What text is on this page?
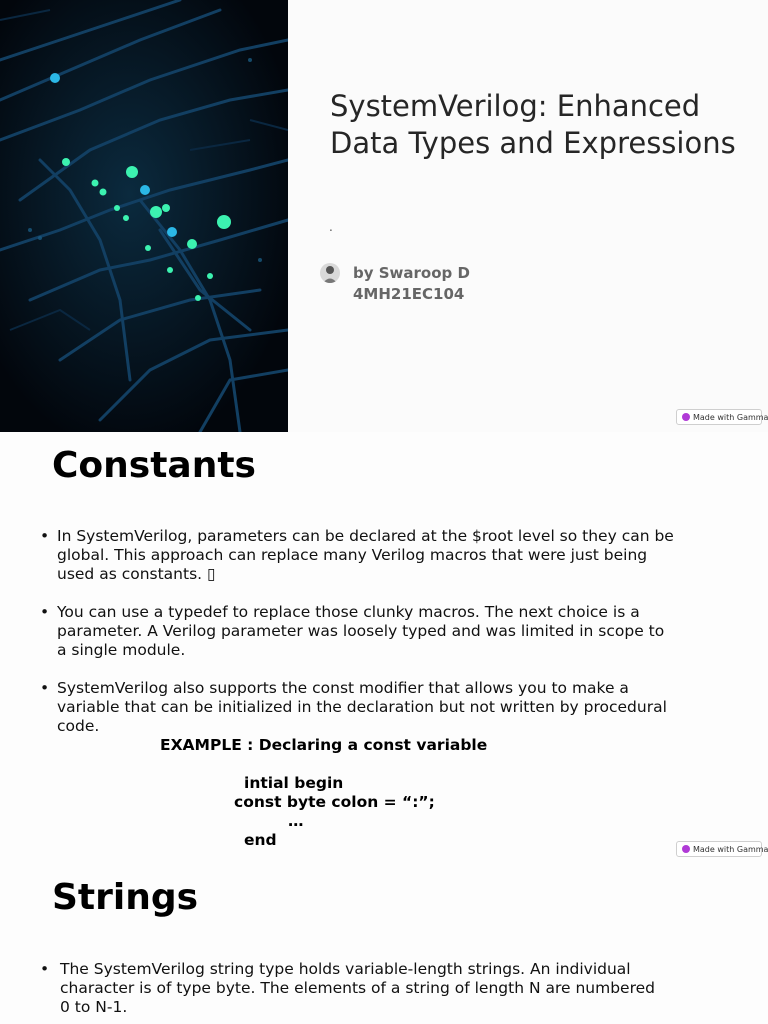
SystemVerilog: Enhanced Data Types and Expressions
.
by Swaroop D
4MH21EC104
Made with Gamma
Constants
• In SystemVerilog, parameters can be declared at the $root level so they can be global. This approach can replace many Verilog macros that were just being used as constants. ▯
• You can use a typedef to replace those clunky macros. The next choice is a parameter. A Verilog parameter was loosely typed and was limited in scope to a single module.
• SystemVerilog also supports the const modifier that allows you to make a variable that can be initialized in the declaration but not written by procedural code.
EXAMPLE : Declaring a const variable
intial begin
const byte colon = “:”;
…
end
Made with Gamma
Strings
• The SystemVerilog string type holds variable-length strings. An individual character is of type byte. The elements of a string of length N are numbered 0 to N-1.
